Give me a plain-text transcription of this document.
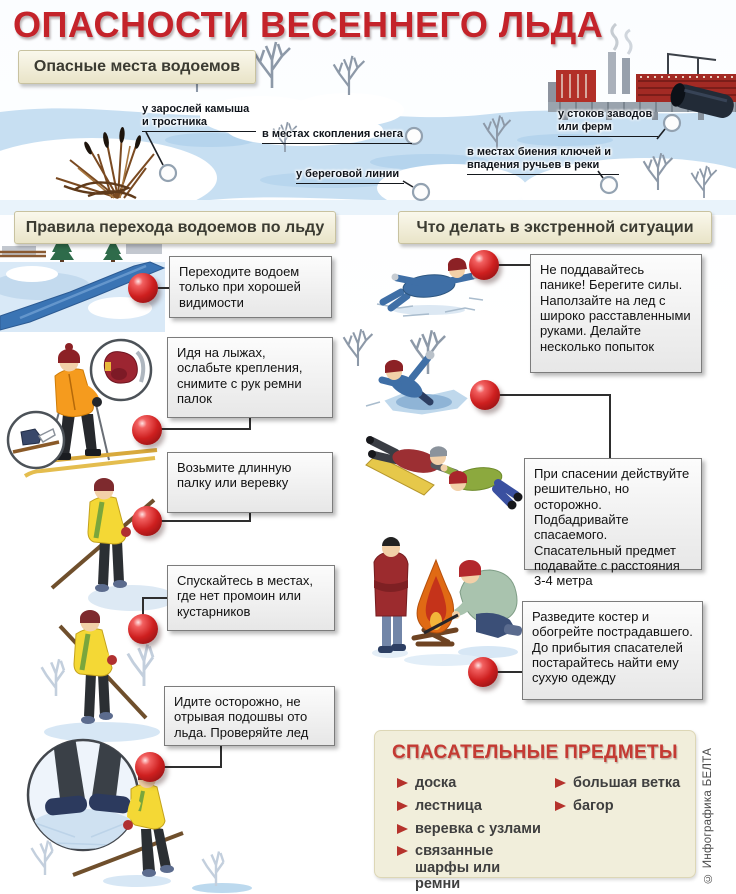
ОПАСНОСТИ ВЕСЕННЕГО ЛЬДА
Опасные места водоемов
у зарослей камыша и тростника
в местах скопления снега
у береговой линии
у стоков заводов или ферм
в местах биения ключей и впадения ручьев в реки
Правила перехода водоемов по льду	Что делать в экстренной ситуации
Переходите водоем только при хорошей видимости
Идя на лыжах, ослабьте крепления, снимите с рук ремни палок
Возьмите длинную палку или веревку
Спускайтесь в местах, где нет промоин или кустарников
Идите осторожно, не отрывая подошвы ото льда. Проверяйте лед
Не поддавайтесь панике! Берегите силы. Наползайте на лед с широко расставленными руками. Делайте несколько попыток
При спасении действуйте решительно, но осторожно. Подбадривайте спасаемого. Спасательный предмет подавайте с расстояния 3-4 метра
Разведите костер и обогрейте пострадавшего. До прибытия спасателей постарайтесь найти ему сухую одежду
СПАСАТЕЛЬНЫЕ ПРЕДМЕТЫ
доска
лестница
веревка с узлами
связанные шарфы или ремни
большая ветка
багор	© Инфографика БЕЛТА
